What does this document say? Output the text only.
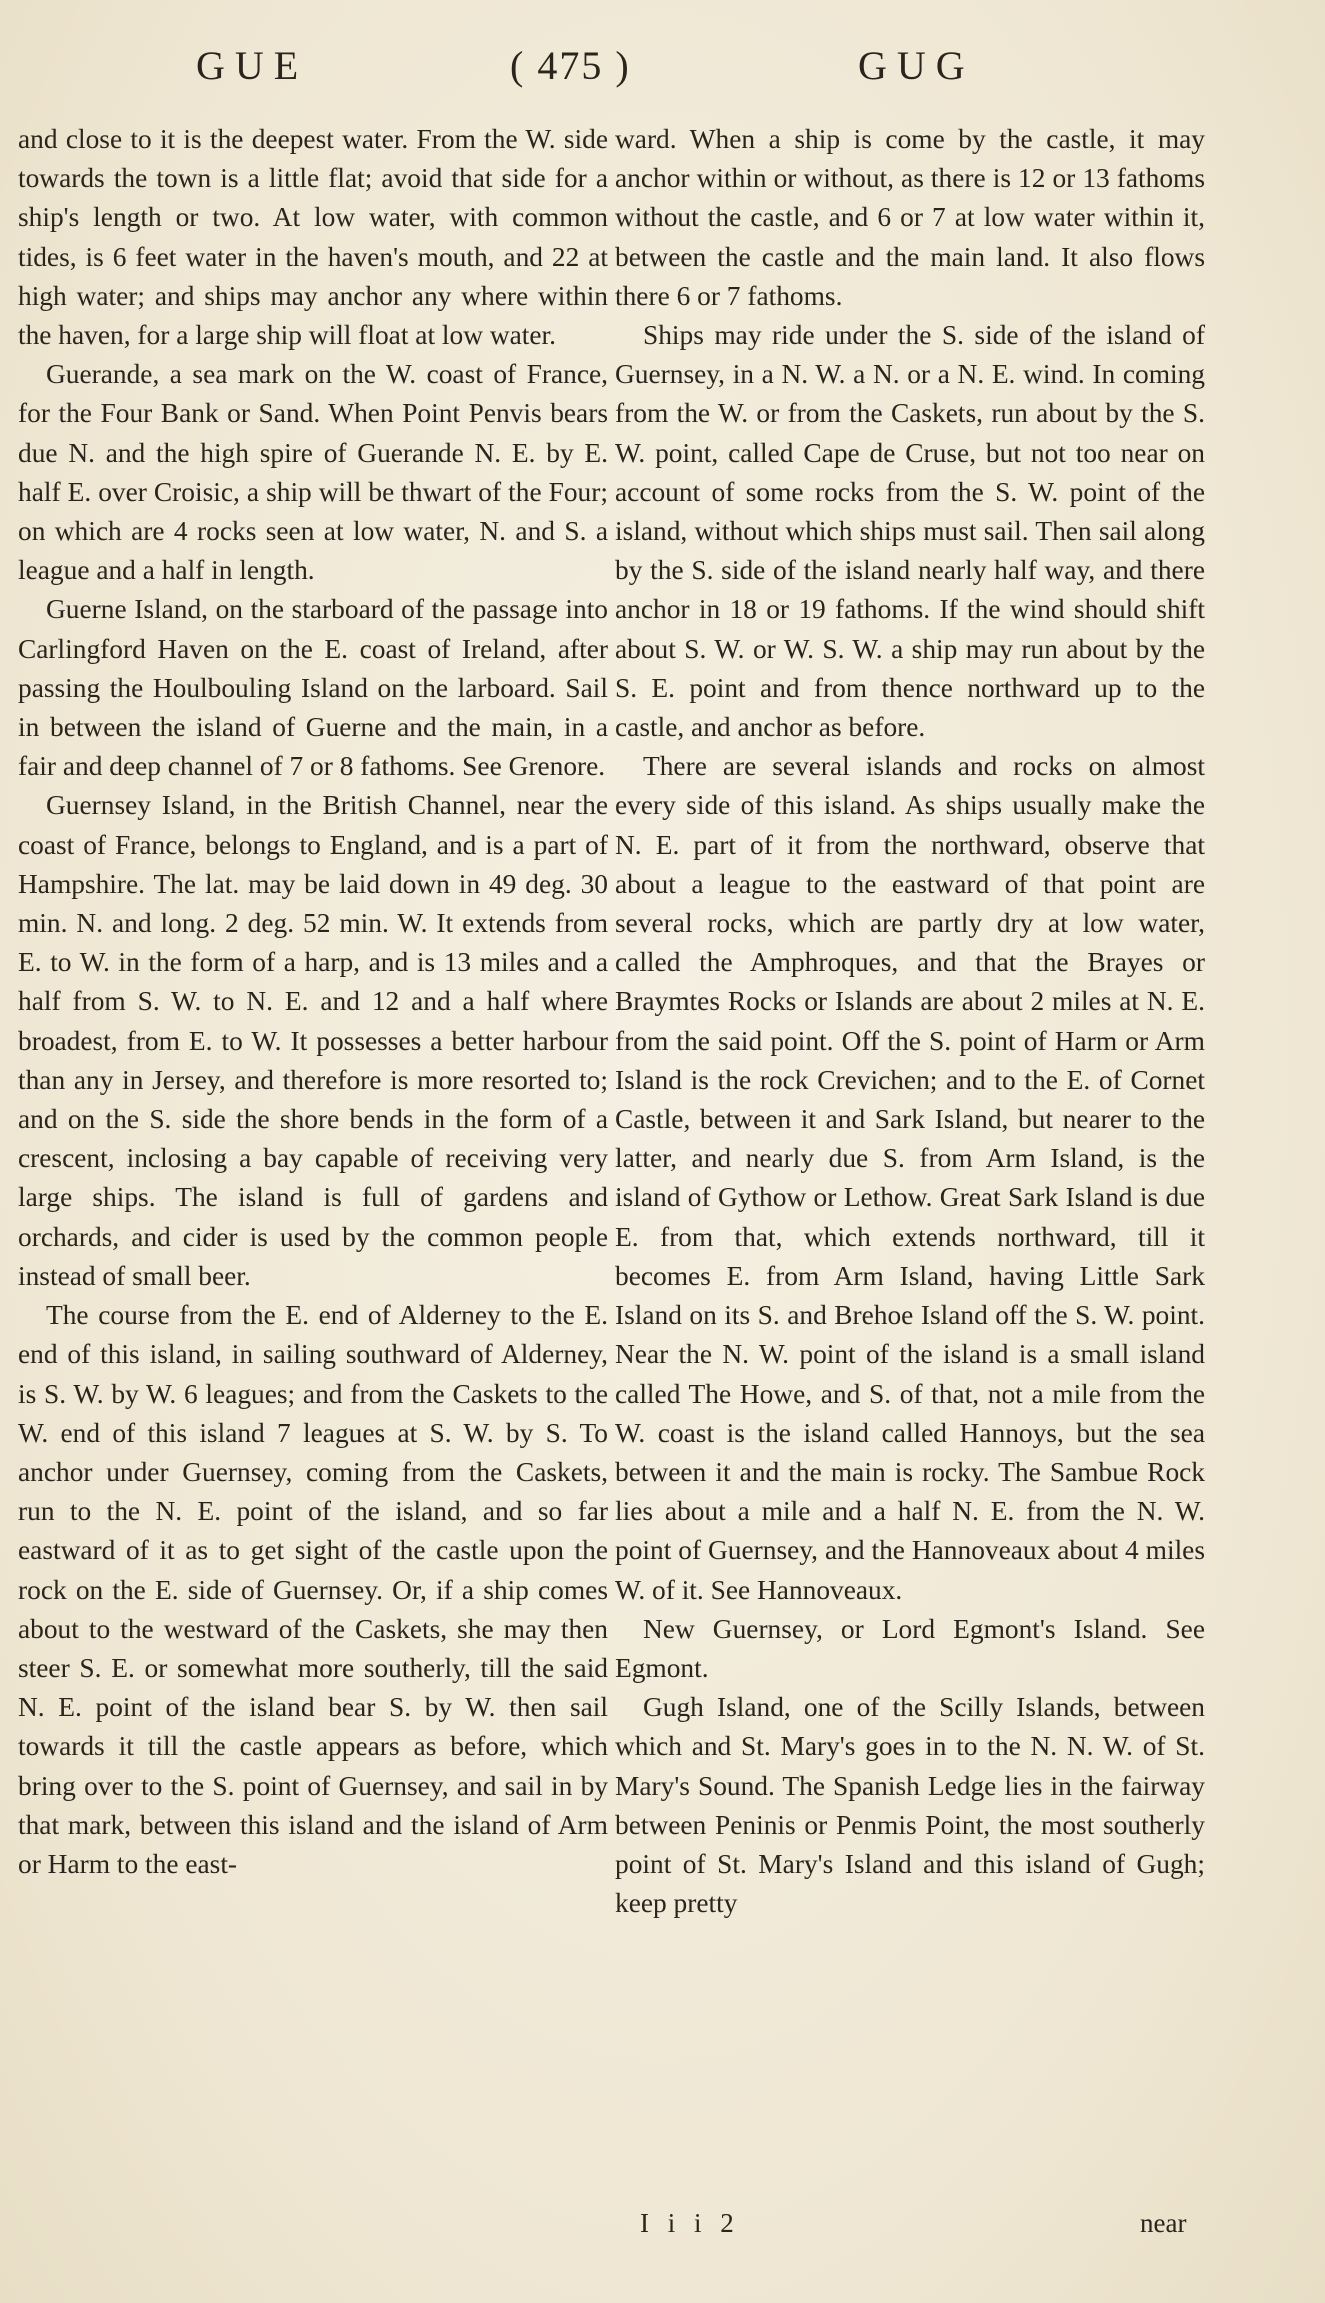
GUE	( 475 )	GUG

and close to it is the deepest water. From the W. side towards the town is a little flat; avoid that side for a ship's length or two. At low water, with common tides, is 6 feet water in the haven's mouth, and 22 at high water; and ships may anchor any where within the haven, for a large ship will float at low water.

Guerande, a sea mark on the W. coast of France, for the Four Bank or Sand. When Point Penvis bears due N. and the high spire of Guerande N. E. by E. half E. over Croisic, a ship will be thwart of the Four; on which are 4 rocks seen at low water, N. and S. a league and a half in length.

Guerne Island, on the starboard of the passage into Carlingford Haven on the E. coast of Ireland, after passing the Houlbouling Island on the larboard. Sail in between the island of Guerne and the main, in a fair and deep channel of 7 or 8 fathoms. See Grenore.

Guernsey Island, in the British Channel, near the coast of France, belongs to England, and is a part of Hampshire. The lat. may be laid down in 49 deg. 30 min. N. and long. 2 deg. 52 min. W. It extends from E. to W. in the form of a harp, and is 13 miles and a half from S. W. to N. E. and 12 and a half where broadest, from E. to W. It possesses a better harbour than any in Jersey, and therefore is more resorted to; and on the S. side the shore bends in the form of a crescent, inclosing a bay capable of receiving very large ships. The island is full of gardens and orchards, and cider is used by the common people instead of small beer.

The course from the E. end of Alderney to the E. end of this island, in sailing southward of Alderney, is S. W. by W. 6 leagues; and from the Caskets to the W. end of this island 7 leagues at S. W. by S. To anchor under Guernsey, coming from the Caskets, run to the N. E. point of the island, and so far eastward of it as to get sight of the castle upon the rock on the E. side of Guernsey. Or, if a ship comes about to the westward of the Caskets, she may then steer S. E. or somewhat more southerly, till the said N. E. point of the island bear S. by W. then sail towards it till the castle appears as before, which bring over to the S. point of Guernsey, and sail in by that mark, between this island and the island of Arm or Harm to the east-

ward. When a ship is come by the castle, it may anchor within or without, as there is 12 or 13 fathoms without the castle, and 6 or 7 at low water within it, between the castle and the main land. It also flows there 6 or 7 fathoms.

Ships may ride under the S. side of the island of Guernsey, in a N. W. a N. or a N. E. wind. In coming from the W. or from the Caskets, run about by the S. W. point, called Cape de Cruse, but not too near on account of some rocks from the S. W. point of the island, without which ships must sail. Then sail along by the S. side of the island nearly half way, and there anchor in 18 or 19 fathoms. If the wind should shift about S. W. or W. S. W. a ship may run about by the S. E. point and from thence northward up to the castle, and anchor as before.

There are several islands and rocks on almost every side of this island. As ships usually make the N. E. part of it from the northward, observe that about a league to the eastward of that point are several rocks, which are partly dry at low water, called the Amphroques, and that the Brayes or Braymtes Rocks or Islands are about 2 miles at N. E. from the said point. Off the S. point of Harm or Arm Island is the rock Crevichen; and to the E. of Cornet Castle, between it and Sark Island, but nearer to the latter, and nearly due S. from Arm Island, is the island of Gythow or Lethow. Great Sark Island is due E. from that, which extends northward, till it becomes E. from Arm Island, having Little Sark Island on its S. and Brehoe Island off the S. W. point. Near the N. W. point of the island is a small island called The Howe, and S. of that, not a mile from the W. coast is the island called Hannoys, but the sea between it and the main is rocky. The Sambue Rock lies about a mile and a half N. E. from the N. W. point of Guernsey, and the Hannoveaux about 4 miles W. of it. See Hannoveaux.

New Guernsey, or Lord Egmont's Island. See Egmont.

Gugh Island, one of the Scilly Islands, between which and St. Mary's goes in to the N. N. W. of St. Mary's Sound. The Spanish Ledge lies in the fairway between Peninis or Penmis Point, the most southerly point of St. Mary's Island and this island of Gugh; keep pretty

I i i 2	near
